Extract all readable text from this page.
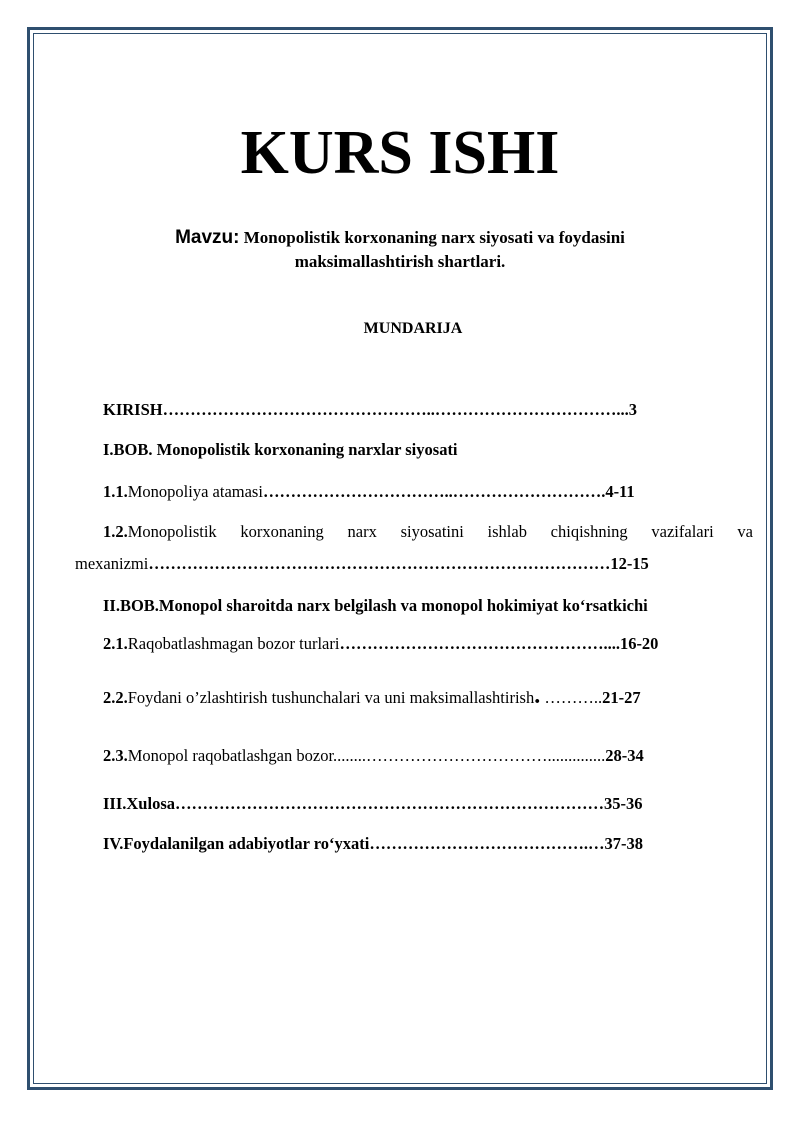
KURS ISHI
Mavzu: Monopolistik korxonaning narx siyosati va foydasini maksimallashtirish shartlari.
MUNDARIJA
KIRISH…………………………………………..……………………………...3
I.BOB. Monopolistik korxonaning narxlar siyosati
1.1.Monopoliya atamasi……………………………..……………………….4-11
1.2.Monopolistik korxonaning narx siyosatini ishlab chiqishning vazifalari va
mexanizmi…………………………………………………………………………12-15
II.BOB.Monopol sharoitda narx belgilash va monopol hokimiyat ko‘rsatkichi
2.1.Raqobatlashmagan bozor turlari…………………………………………....16-20
2.2.Foydani o’zlashtirish tushunchalari va uni maksimallashtirish. ………..21-27
2.3.Monopol raqobatlashgan bozor........……………………………..............28-34
III.Xulosa……………………………………………………………………35-36
IV.Foydalanilgan adabiyotlar ro‘yxati………………………………….…37-38
